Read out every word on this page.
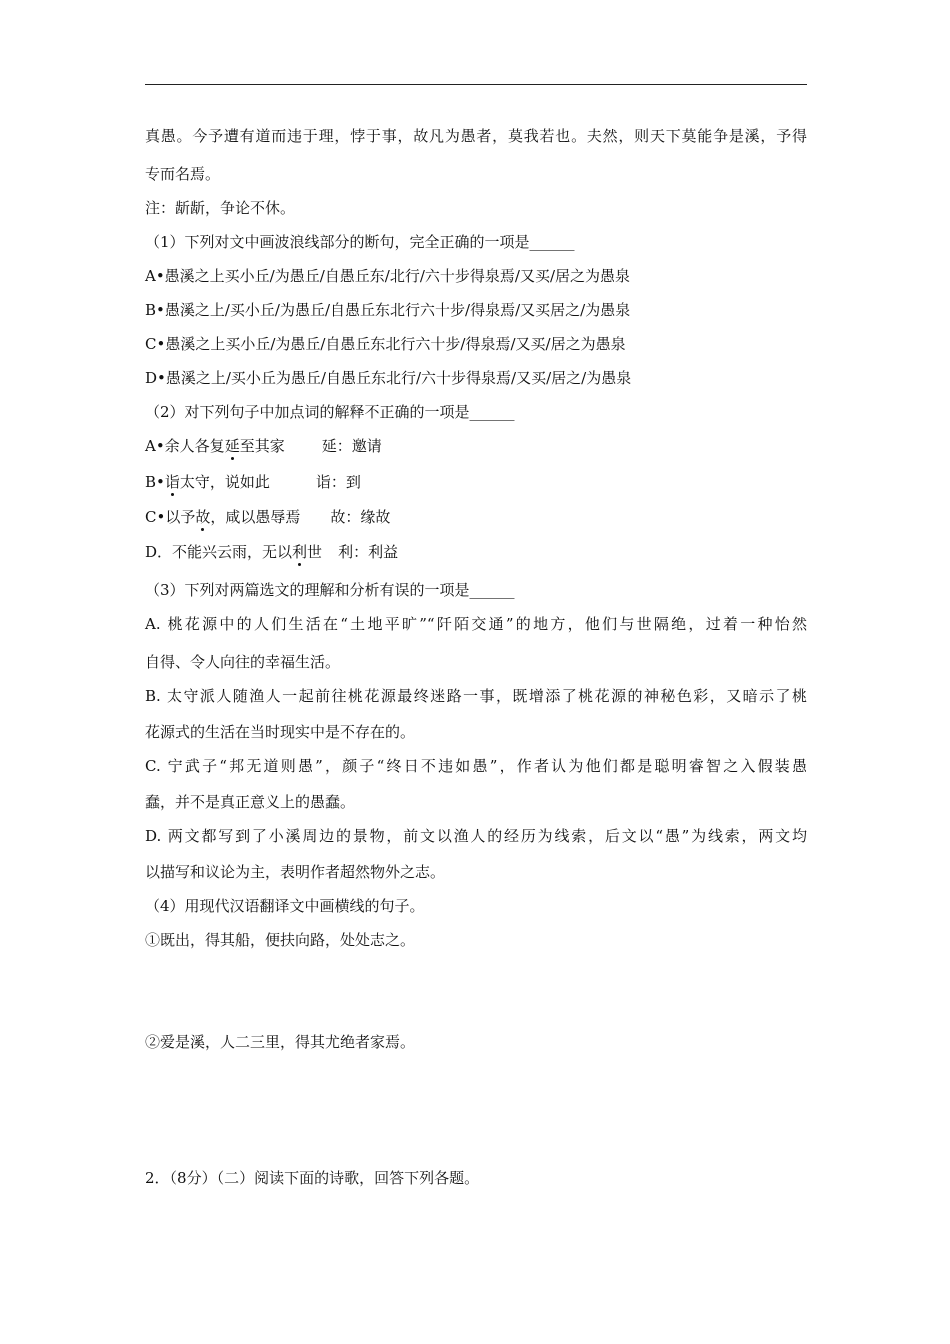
真愚。今予遭有道而违于理，悖于事，故凡为愚者，莫我若也。夫然，则天下莫能争是溪，予得
专而名焉。
注：龂龂，争论不休。
（1）下列对文中画波浪线部分的断句，完全正确的一项是______
A•愚溪之上买小丘/为愚丘/自愚丘东/北行/六十步得泉焉/又买/居之为愚泉
B•愚溪之上/买小丘/为愚丘/自愚丘东北行六十步/得泉焉/又买居之/为愚泉
C•愚溪之上买小丘/为愚丘/自愚丘东北行六十步/得泉焉/又买/居之为愚泉
D•愚溪之上/买小丘为愚丘/自愚丘东北行/六十步得泉焉/又买/居之/为愚泉
（2）对下列句子中加点词的解释不正确的一项是______
A•余人各复延至其家 延：邀请
B•诣太守，说如此	诣：到
C•以予故，咸以愚辱焉 故：缘故
D．不能兴云雨，无以利世 利：利益
（3）下列对两篇选文的理解和分析有误的一项是______
A. 桃花源中的人们生活在“土地平旷”“阡陌交通”的地方，他们与世隔绝，过着一种怡然
自得、令人向往的幸福生活。
B. 太守派人随渔人一起前往桃花源最终迷路一事，既增添了桃花源的神秘色彩，又暗示了桃
花源式的生活在当时现实中是不存在的。
C. 宁武子“邦无道则愚”，颜子“终日不违如愚”，作者认为他们都是聪明睿智之入假装愚
蠢，并不是真正意义上的愚蠢。
D. 两文都写到了小溪周边的景物，前文以渔人的经历为线索，后文以“愚”为线索，两文均
以描写和议论为主，表明作者超然物外之志。
（4）用现代汉语翻译文中画横线的句子。
①既出，得其船，便扶向路，处处志之。
②爱是溪，人二三里，得其尤绝者家焉。
2．（8分）（二）阅读下面的诗歌，回答下列各题。
